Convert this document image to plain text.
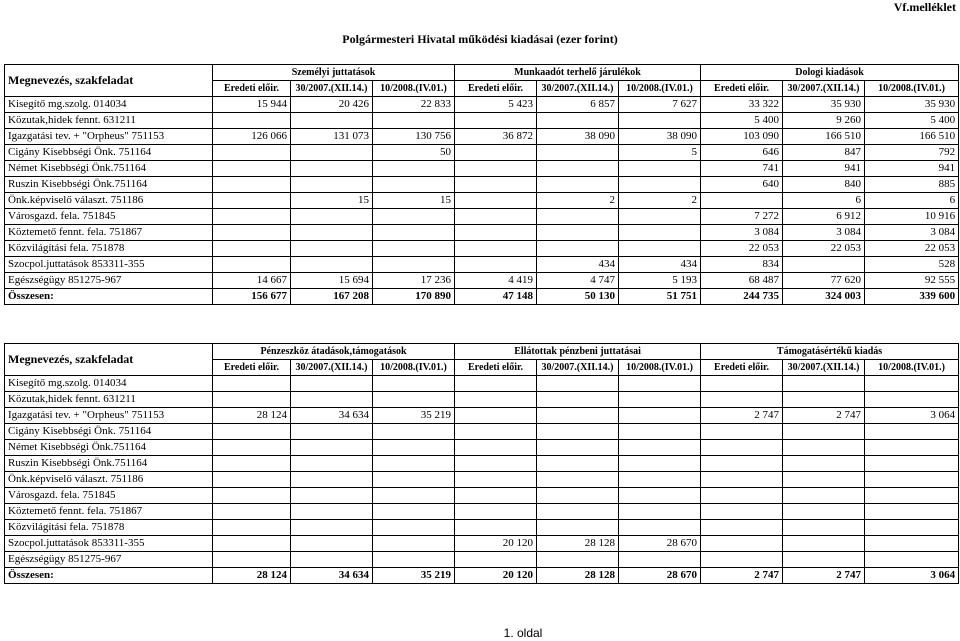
Vf.melléklet
Polgármesteri Hivatal működési kiadásai (ezer forint)
Megnevezés, szakfeladat	Személyi juttatások			Munkaadót terhelő járulékok			Dologi kiadások		
	Eredeti előir.	30/2007.(XII.14.)	10/2008.(IV.01.)	Eredeti előir.	30/2007.(XII.14.)	10/2008.(IV.01.)	Eredeti előir.	30/2007.(XII.14.)	10/2008.(IV.01.)
Kisegítő mg.szolg. 014034	15 944	20 426	22 833	5 423	6 857	7 627	33 322	35 930	35 930
Közutak,hidek fennt. 631211							5 400	9 260	5 400
Igazgatási tev. + "Orpheus" 751153	126 066	131 073	130 756	36 872	38 090	38 090	103 090	166 510	166 510
Cigány Kisebbségi Önk. 751164			50			5	646	847	792
Német Kisebbségi Önk.751164							741	941	941
Ruszin Kisebbségi Önk.751164							640	840	885
Önk.képviselő választ. 751186		15	15		2	2		6	6
Városgazd. fela. 751845							7 272	6 912	10 916
Köztemető fennt. fela. 751867							3 084	3 084	3 084
Közvilágítási fela. 751878							22 053	22 053	22 053
Szocpol.juttatások 853311-355					434	434	834		528
Egészségügy 851275-967	14 667	15 694	17 236	4 419	4 747	5 193	68 487	77 620	92 555
Összesen:	156 677	167 208	170 890	47 148	50 130	51 751	244 735	324 003	339 600
Megnevezés, szakfeladat	Pénzeszköz átadások,támogatások			Ellátottak pénzbeni juttatásai			Támogatásértékű kiadás		
	Eredeti előir.	30/2007.(XII.14.)	10/2008.(IV.01.)	Eredeti előir.	30/2007.(XII.14.)	10/2008.(IV.01.)	Eredeti előir.	30/2007.(XII.14.)	10/2008.(IV.01.)
Kisegítő mg.szolg. 014034									
Közutak,hidek fennt. 631211									
Igazgatási tev. + "Orpheus" 751153	28 124	34 634	35 219				2 747	2 747	3 064
Cigány Kisebbségi Önk. 751164									
Német Kisebbségi Önk.751164									
Ruszin Kisebbségi Önk.751164									
Önk.képviselő választ. 751186									
Városgazd. fela. 751845									
Köztemető fennt. fela. 751867									
Közvilágítási fela. 751878									
Szocpol.juttatások 853311-355				20 120	28 128	28 670			
Egészségügy 851275-967									
Összesen:	28 124	34 634	35 219	20 120	28 128	28 670	2 747	2 747	3 064
1. oldal
